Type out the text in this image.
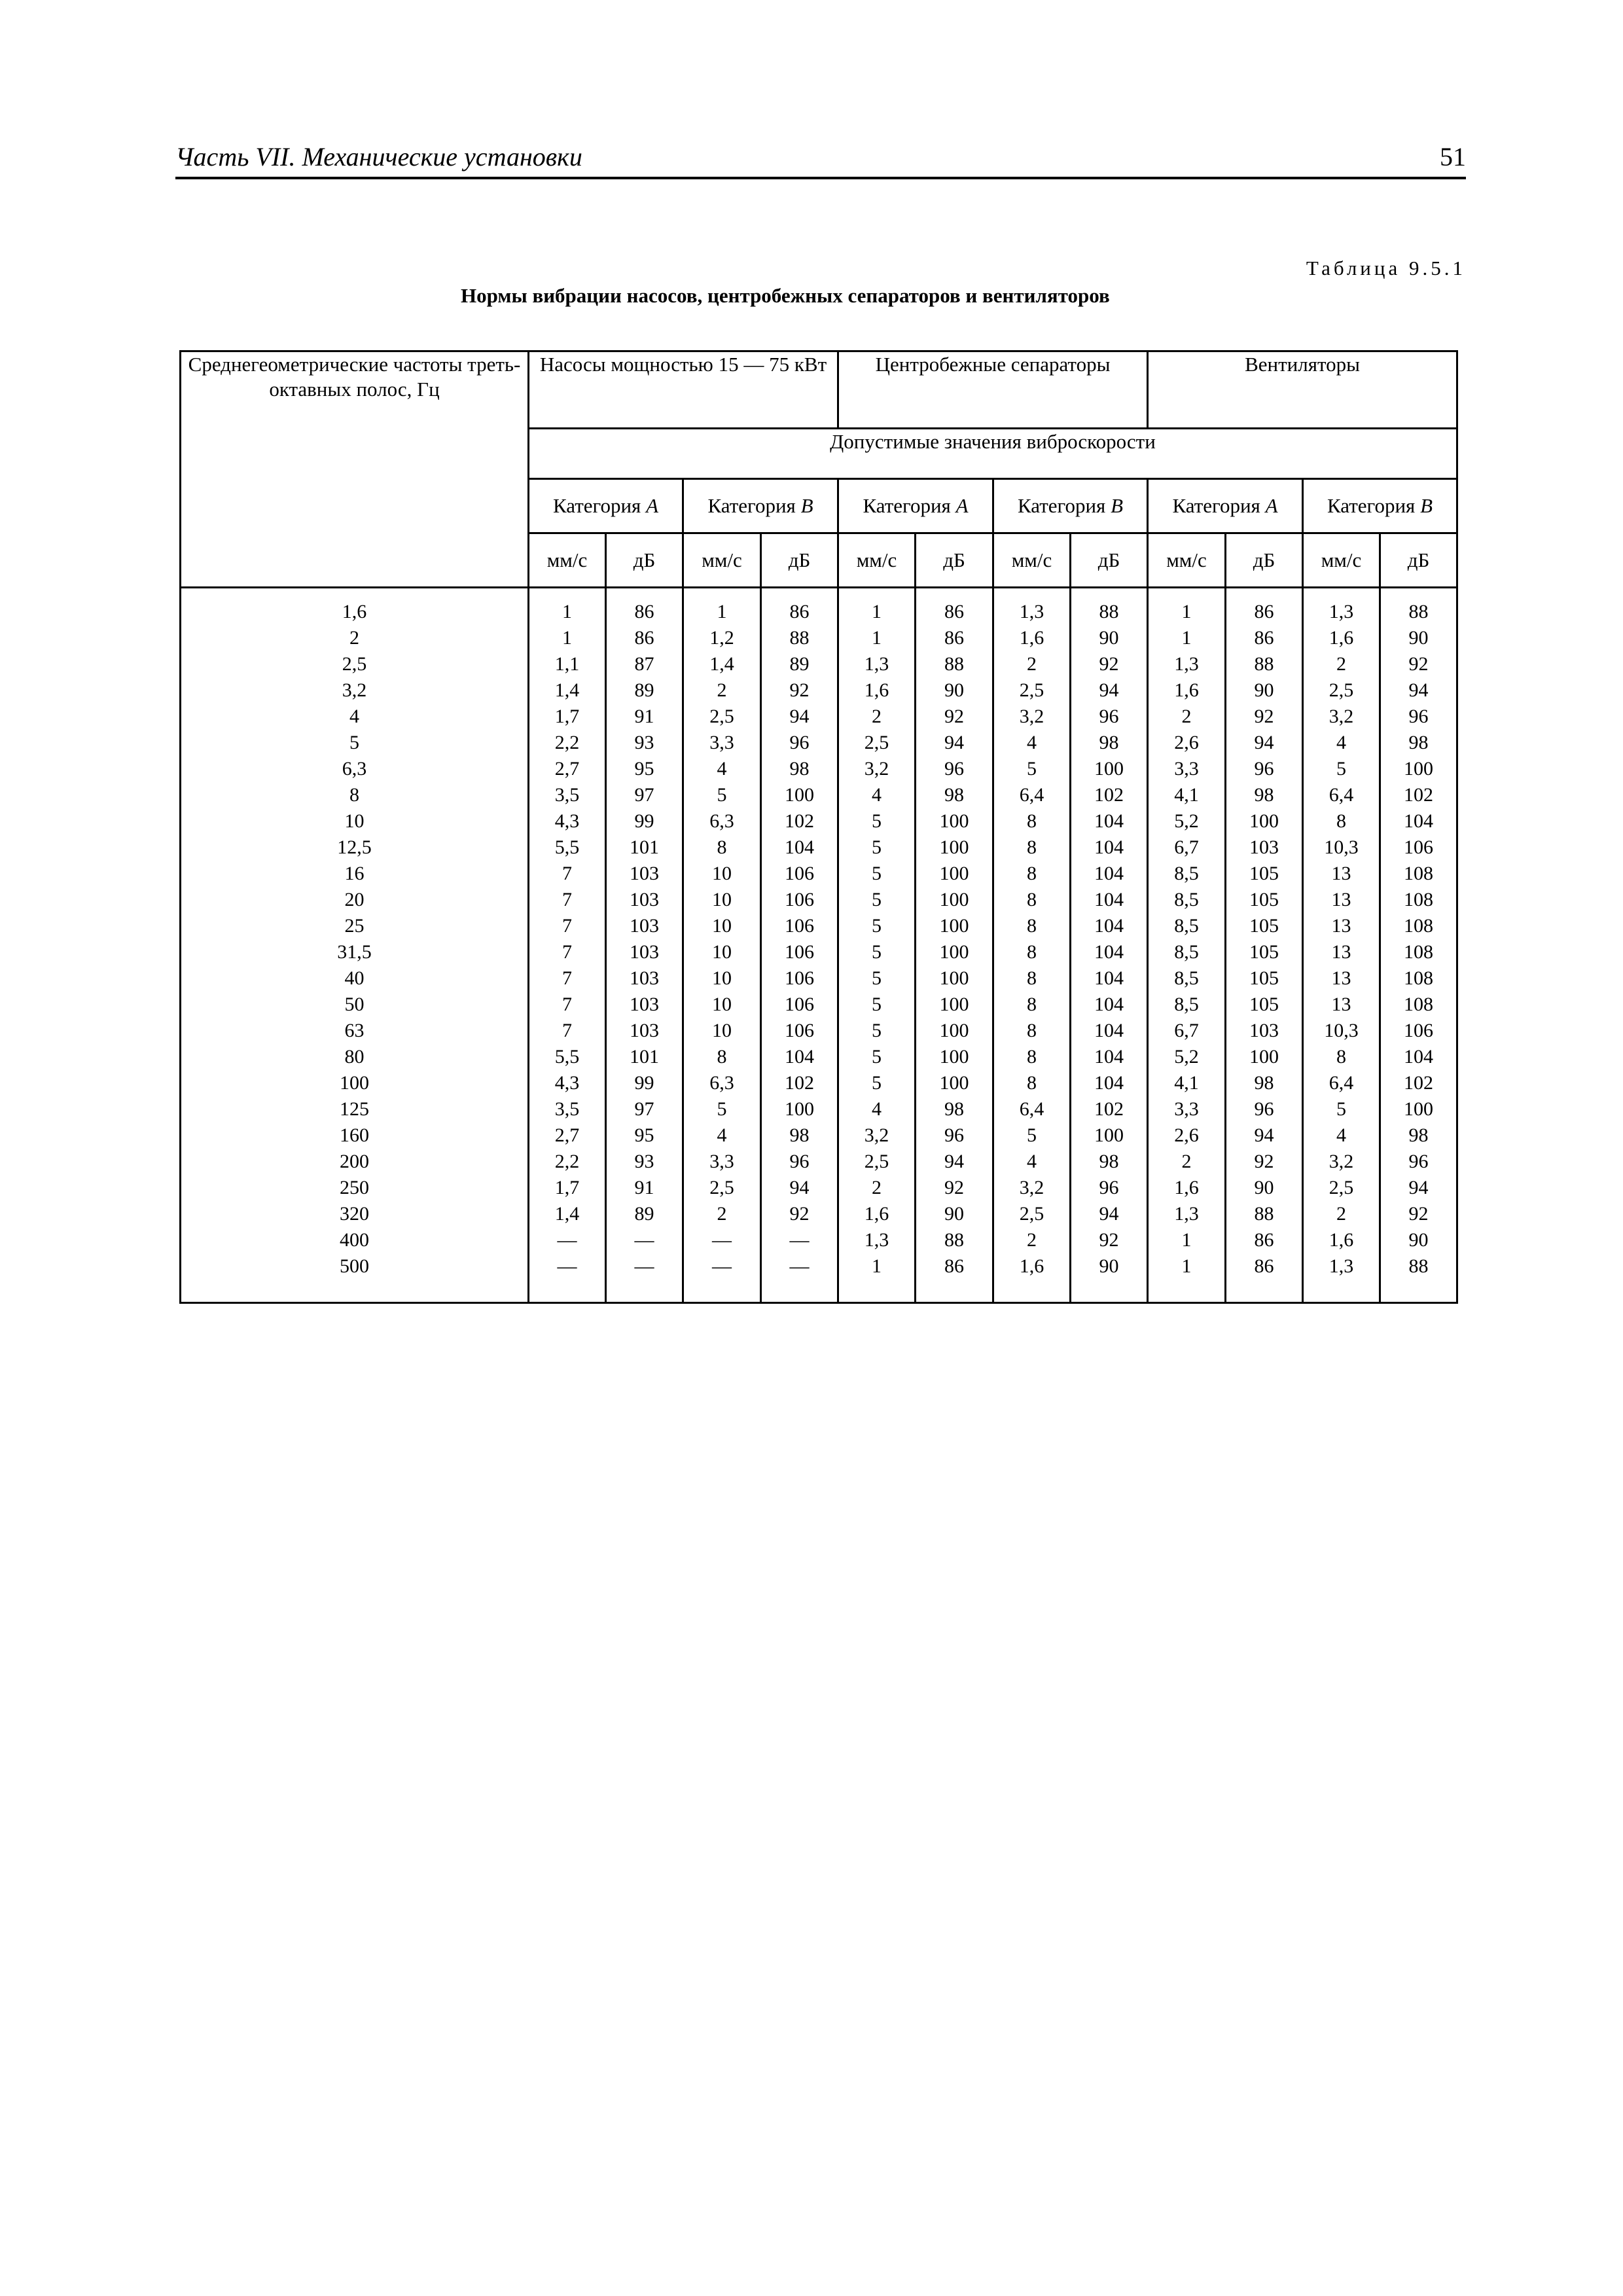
Часть VII. Механические установки	51
Таблица 9.5.1
Нормы вибрации насосов, центробежных сепараторов и вентиляторов
Среднегеометрические частоты треть-октавных полос, Гц	Насосы мощностью 15 — 75 кВт				Центробежные сепараторы				Вентиляторы			
	Допустимые значения виброскорости											
	Категория A		Категория B		Категория A		Категория B		Категория A		Категория B	
	мм/с	дБ	мм/с	дБ	мм/с	дБ	мм/с	дБ	мм/с	дБ	мм/с	дБ
1,6	1	86	1	86	1	86	1,3	88	1	86	1,3	88
2	1	86	1,2	88	1	86	1,6	90	1	86	1,6	90
2,5	1,1	87	1,4	89	1,3	88	2	92	1,3	88	2	92
3,2	1,4	89	2	92	1,6	90	2,5	94	1,6	90	2,5	94
4	1,7	91	2,5	94	2	92	3,2	96	2	92	3,2	96
5	2,2	93	3,3	96	2,5	94	4	98	2,6	94	4	98
6,3	2,7	95	4	98	3,2	96	5	100	3,3	96	5	100
8	3,5	97	5	100	4	98	6,4	102	4,1	98	6,4	102
10	4,3	99	6,3	102	5	100	8	104	5,2	100	8	104
12,5	5,5	101	8	104	5	100	8	104	6,7	103	10,3	106
16	7	103	10	106	5	100	8	104	8,5	105	13	108
20	7	103	10	106	5	100	8	104	8,5	105	13	108
25	7	103	10	106	5	100	8	104	8,5	105	13	108
31,5	7	103	10	106	5	100	8	104	8,5	105	13	108
40	7	103	10	106	5	100	8	104	8,5	105	13	108
50	7	103	10	106	5	100	8	104	8,5	105	13	108
63	7	103	10	106	5	100	8	104	6,7	103	10,3	106
80	5,5	101	8	104	5	100	8	104	5,2	100	8	104
100	4,3	99	6,3	102	5	100	8	104	4,1	98	6,4	102
125	3,5	97	5	100	4	98	6,4	102	3,3	96	5	100
160	2,7	95	4	98	3,2	96	5	100	2,6	94	4	98
200	2,2	93	3,3	96	2,5	94	4	98	2	92	3,2	96
250	1,7	91	2,5	94	2	92	3,2	96	1,6	90	2,5	94
320	1,4	89	2	92	1,6	90	2,5	94	1,3	88	2	92
400	—	—	—	—	1,3	88	2	92	1	86	1,6	90
500	—	—	—	—	1	86	1,6	90	1	86	1,3	88
